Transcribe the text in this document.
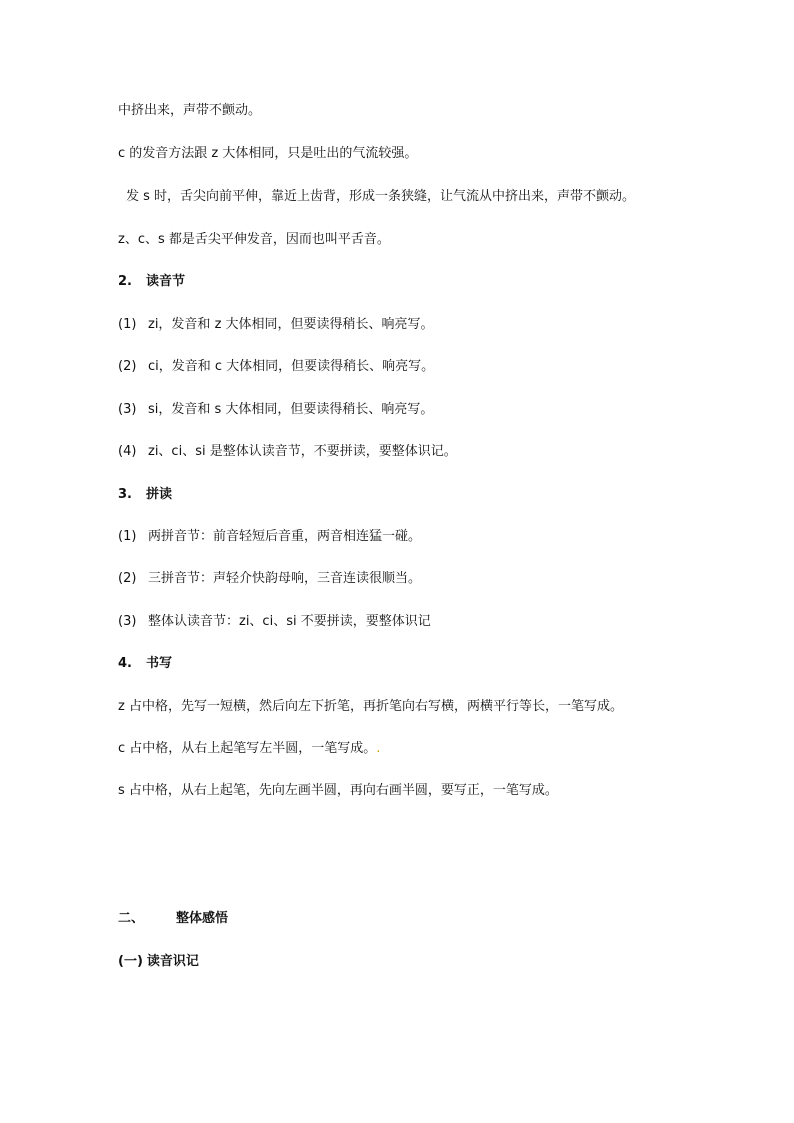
中挤出来，声带不颤动。
c 的发音方法跟 z 大体相同，只是吐出的气流较强。
发 s 时，舌尖向前平伸，靠近上齿背，形成一条狭缝，让气流从中挤出来，声带不颤动。
z、c、s 都是舌尖平伸发音，因而也叫平舌音。
2. 读音节
(1) zi，发音和 z 大体相同，但要读得稍长、响亮写。
(2) ci，发音和 c 大体相同，但要读得稍长、响亮写。
(3) si，发音和 s 大体相同，但要读得稍长、响亮写。
(4) zi、ci、si 是整体认读音节，不要拼读，要整体识记。
3. 拼读
(1) 两拼音节：前音轻短后音重，两音相连猛一碰。
(2) 三拼音节：声轻介快韵母响，三音连读很顺当。
(3) 整体认读音节：zi、ci、si 不要拼读，要整体识记
4. 书写
z 占中格，先写一短横，然后向左下折笔，再折笔向右写横，两横平行等长，一笔写成。
c 占中格，从右上起笔写左半圆，一笔写成。.
s 占中格，从右上起笔，先向左画半圆，再向右画半圆，要写正，一笔写成。
二、 整体感悟
(一) 读音识记
